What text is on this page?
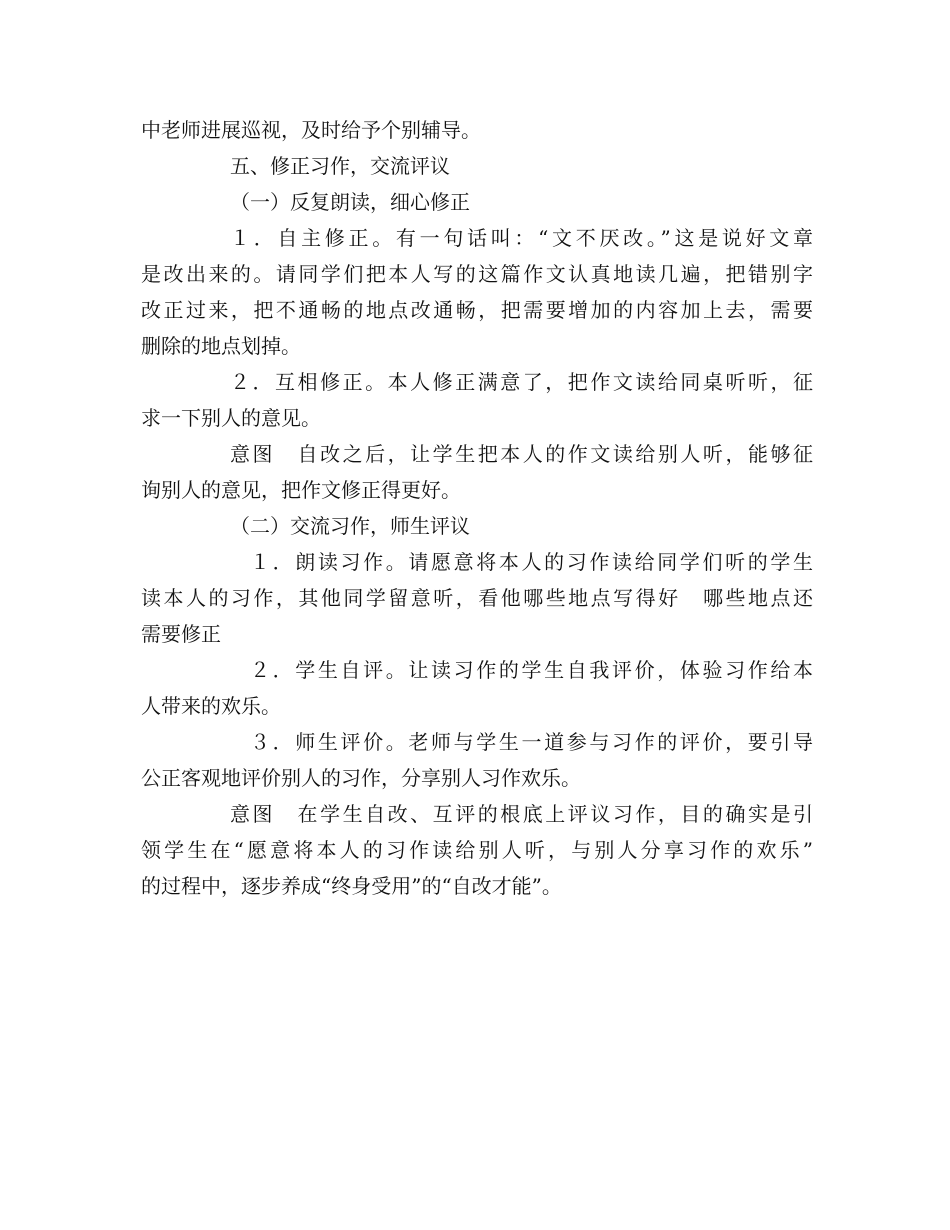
中老师进展巡视，及时给予个别辅导。
五、修正习作，交流评议
（一）反复朗读，细心修正
１．自主修正。有一句话叫：“文不厌改。”这是说好文章
是改出来的。请同学们把本人写的这篇作文认真地读几遍，把错别字
改正过来，把不通畅的地点改通畅，把需要增加的内容加上去，需要
删除的地点划掉。
２．互相修正。本人修正满意了，把作文读给同桌听听，征
求一下别人的意见。
意图　自改之后，让学生把本人的作文读给别人听，能够征
询别人的意见，把作文修正得更好。
（二）交流习作，师生评议
１．朗读习作。请愿意将本人的习作读给同学们听的学生
读本人的习作，其他同学留意听，看他哪些地点写得好　哪些地点还
需要修正
２．学生自评。让读习作的学生自我评价，体验习作给本
人带来的欢乐。
３．师生评价。老师与学生一道参与习作的评价，要引导
公正客观地评价别人的习作，分享别人习作欢乐。
意图　在学生自改、互评的根底上评议习作，目的确实是引
领学生在“愿意将本人的习作读给别人听，与别人分享习作的欢乐”
的过程中，逐步养成“终身受用”的“自改才能”。
